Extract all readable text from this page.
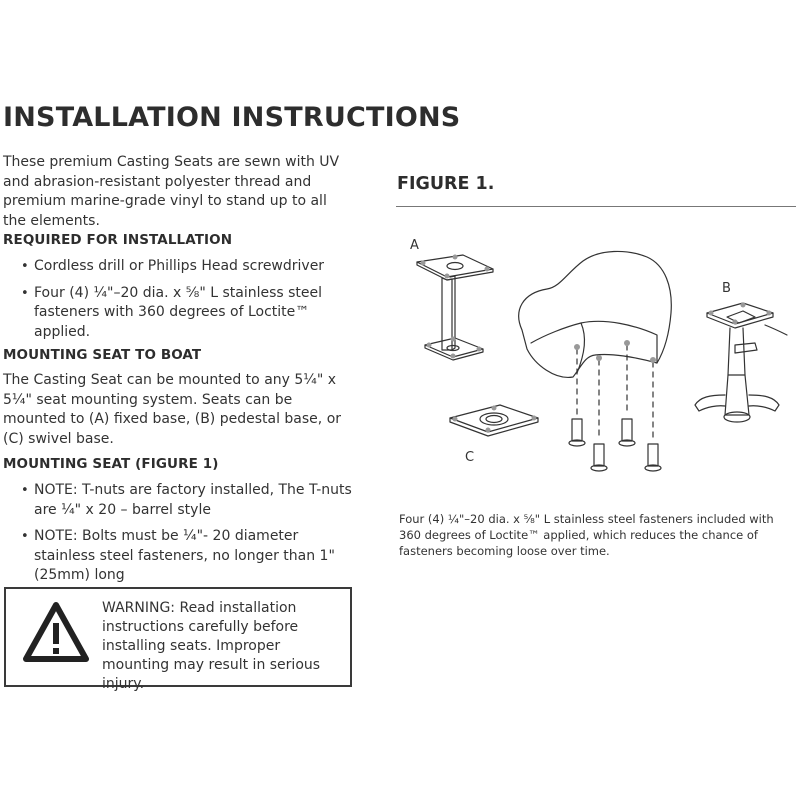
INSTALLATION INSTRUCTIONS
These premium Casting Seats are sewn with UV and abrasion-resistant polyester thread and premium marine-grade vinyl to stand up to all the elements.
REQUIRED FOR INSTALLATION
• Cordless drill or Phillips Head screwdriver
• Four (4) ¼"–20 dia. x ⅝" L stainless steel fasteners with 360 degrees of Loctite™ applied.
MOUNTING SEAT TO BOAT
The Casting Seat can be mounted to any 5¼" x 5¼" seat mounting system. Seats can be mounted to (A) fixed base, (B) pedestal base, or (C) swivel base.
MOUNTING SEAT (FIGURE 1)
• NOTE: T-nuts are factory installed, The T-nuts are ¼" x 20 – barrel style
• NOTE: Bolts must be ¼"- 20 diameter stainless steel fasteners, no longer than 1" (25mm) long
WARNING: Read installation instructions carefully before installing seats. Improper mounting may result in serious injury.
FIGURE 1.
A
B
C
Four (4) ¼"–20 dia. x ⅝" L stainless steel fasteners included with 360 degrees of Loctite™ applied, which reduces the chance of fasteners becoming loose over time.
